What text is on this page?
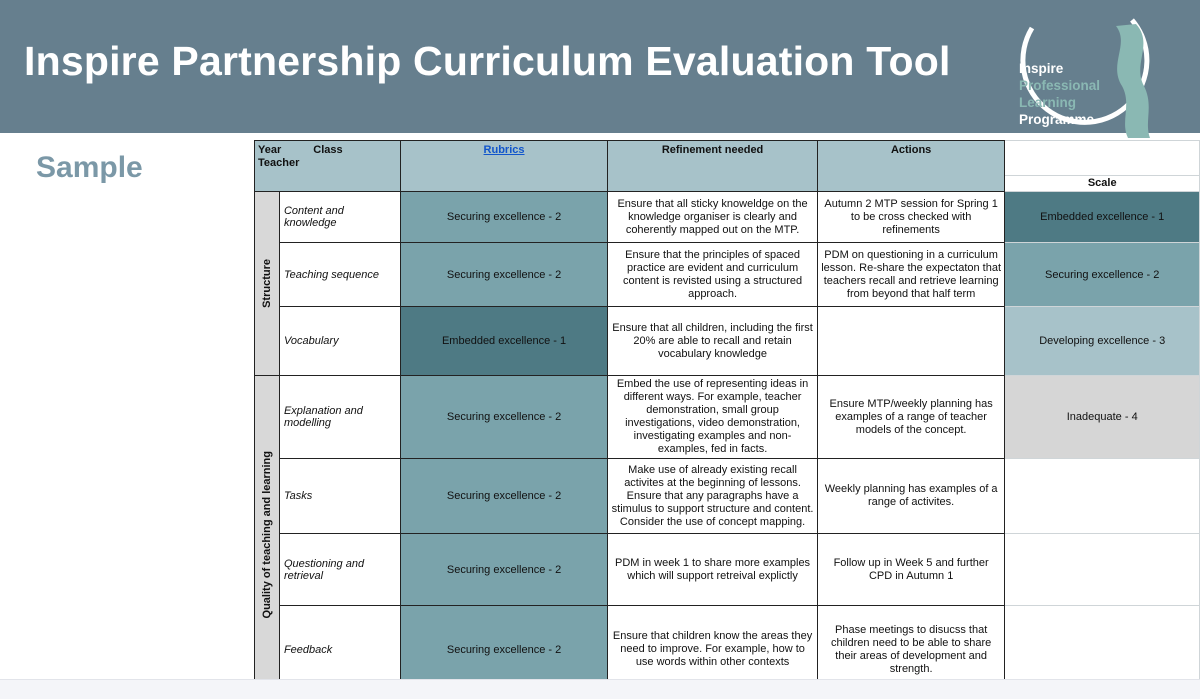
Inspire Partnership Curriculum Evaluation Tool	Inspire
Professional
Learning
Programme
Sample
Year Class
Teacher		Rubrics	Refinement needed	Actions	Scale

Structure	Content and knowledge	Securing excellence - 2	Ensure that all sticky knoweldge on the knowledge organiser is clearly and coherently mapped out on the MTP.	Autumn 2 MTP session for Spring 1 to be cross checked with refinements	Embedded excellence - 1
	Teaching sequence	Securing excellence - 2	Ensure that the principles of spaced practice are evident and curriculum content is revisted using a structured approach.	PDM on questioning in a curriculum lesson. Re-share the expectaton that teachers recall and retrieve learning from beyond that half term	Securing excellence - 2
	Vocabulary	Embedded excellence - 1	Ensure that all children, including the first 20% are able to recall and retain vocabulary knowledge		Developing excellence - 3

Quality of teaching and learning	Explanation and modelling	Securing excellence - 2	Embed the use of representing ideas in different ways. For example, teacher demonstration, small group investigations, video demonstration, investigating examples and non-examples, fed in facts.	Ensure MTP/weekly planning has examples of a range of teacher models of the concept.	Inadequate - 4
	Tasks	Securing excellence - 2	Make use of already existing recall activites at the beginning of lessons. Ensure that any paragraphs have a stimulus to support structure and content. Consider the use of concept mapping.	Weekly planning has examples of a range of activites.	
	Questioning and retrieval	Securing excellence - 2	PDM in week 1 to share more examples which will support retreival explictly	Follow up in Week 5 and further CPD in Autumn 1	
	Feedback	Securing excellence - 2	Ensure that children know the areas they need to improve. For example, how to use words within other contexts	Phase meetings to disucss that children need to be able to share their areas of development and strength.	
